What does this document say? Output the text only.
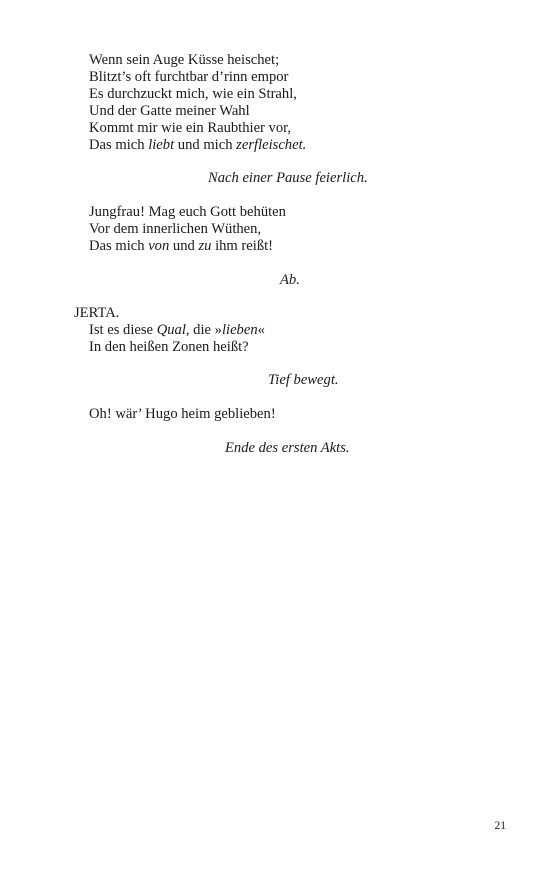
Wenn sein Auge Küsse heischet;
Blitzt’s oft furchtbar d’rinn empor
Es durchzuckt mich, wie ein Strahl,
Und der Gatte meiner Wahl
Kommt mir wie ein Raubthier vor,
Das mich liebt und mich zerfleischet.
Nach einer Pause feierlich.
Jungfrau! Mag euch Gott behüten
Vor dem innerlichen Wüthen,
Das mich von und zu ihm reißt!
Ab.
JERTA.
Ist es diese Qual, die »lieben«
In den heißen Zonen heißt?
Tief bewegt.
Oh! wär’ Hugo heim geblieben!
Ende des ersten Akts.
21
